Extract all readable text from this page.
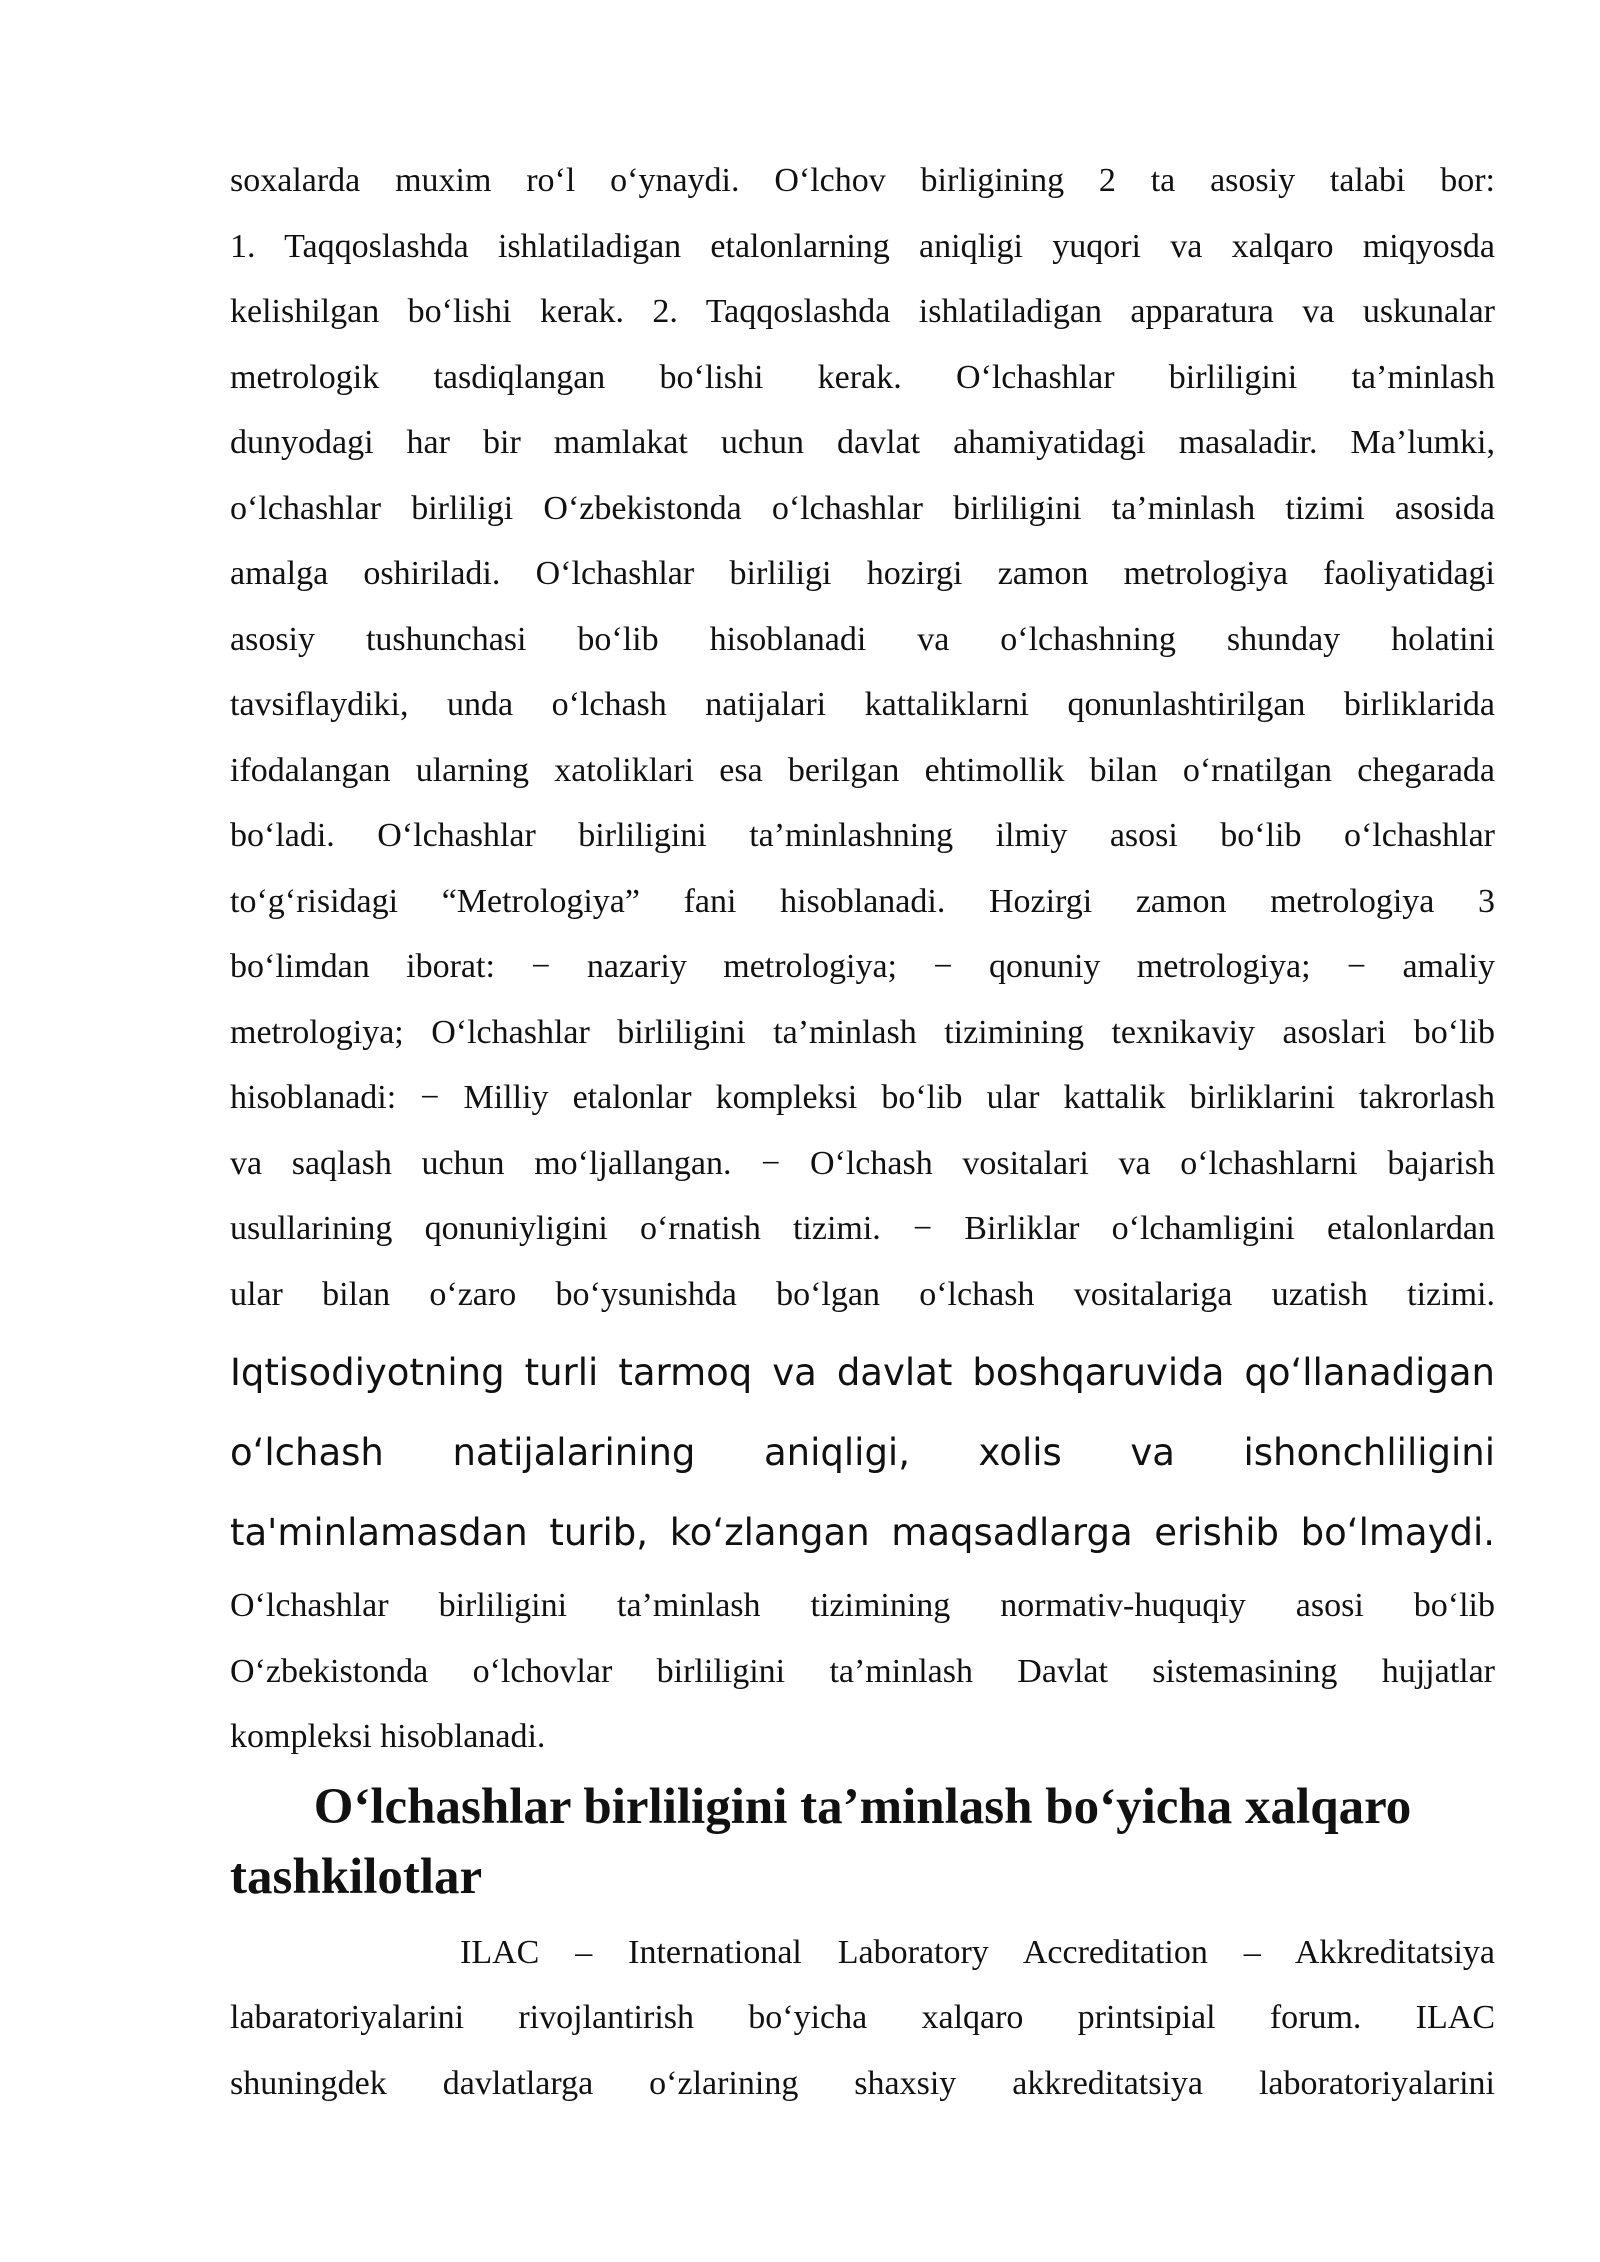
soxalarda muxim ro‘l o‘ynaydi. O‘lchov birligining 2 ta asosiy talabi bor:

1. Taqqoslashda ishlatiladigan etalonlarning aniqligi yuqori va xalqaro miqyosda

kelishilgan bo‘lishi kerak. 2. Taqqoslashda ishlatiladigan apparatura va uskunalar

metrologik tasdiqlangan bo‘lishi kerak. O‘lchashlar birliligini ta’minlash

dunyodagi har bir mamlakat uchun davlat ahamiyatidagi masaladir. Ma’lumki,

o‘lchashlar birliligi O‘zbekistonda o‘lchashlar birliligini ta’minlash tizimi asosida

amalga oshiriladi. O‘lchashlar birliligi hozirgi zamon metrologiya faoliyatidagi

asosiy tushunchasi bo‘lib hisoblanadi va o‘lchashning shunday holatini

tavsiflaydiki, unda o‘lchash natijalari kattaliklarni qonunlashtirilgan birliklarida

ifodalangan ularning xatoliklari esa berilgan ehtimollik bilan o‘rnatilgan chegarada

bo‘ladi. O‘lchashlar birliligini ta’minlashning ilmiy asosi bo‘lib o‘lchashlar

to‘g‘risidagi “Metrologiya” fani hisoblanadi. Hozirgi zamon metrologiya 3

bo‘limdan iborat: − nazariy metrologiya; − qonuniy metrologiya; − amaliy

metrologiya; O‘lchashlar birliligini ta’minlash tizimining texnikaviy asoslari bo‘lib

hisoblanadi: − Milliy etalonlar kompleksi bo‘lib ular kattalik birliklarini takrorlash

va saqlash uchun mo‘ljallangan. − O‘lchash vositalari va o‘lchashlarni bajarish

usullarining qonuniyligini o‘rnatish tizimi. − Birliklar o‘lchamligini etalonlardan

ular bilan o‘zaro bo‘ysunishda bo‘lgan o‘lchash vositalariga uzatish tizimi.

Iqtisodiyotning turli tarmoq va davlat boshqaruvida qo‘llanadigan

o‘lchash natijalarining aniqligi, xolis va ishonchliligini

ta'minlamasdan turib, ko‘zlangan maqsadlarga erishib bo‘lmaydi.

O‘lchashlar birliligini ta’minlash tizimining normativ-huquqiy asosi bo‘lib

O‘zbekistonda o‘lchovlar birliligini ta’minlash Davlat sistemasining hujjatlar

kompleksi hisoblanadi.

O‘lchashlar birliligini ta’minlash bo‘yicha xalqaro tashkilotlar

ILAC – International Laboratory Accreditation – Akkreditatsiya

labaratoriyalarini rivojlantirish bo‘yicha xalqaro printsipial forum. ILAC

shuningdek davlatlarga o‘zlarining shaxsiy akkreditatsiya laboratoriyalarini
